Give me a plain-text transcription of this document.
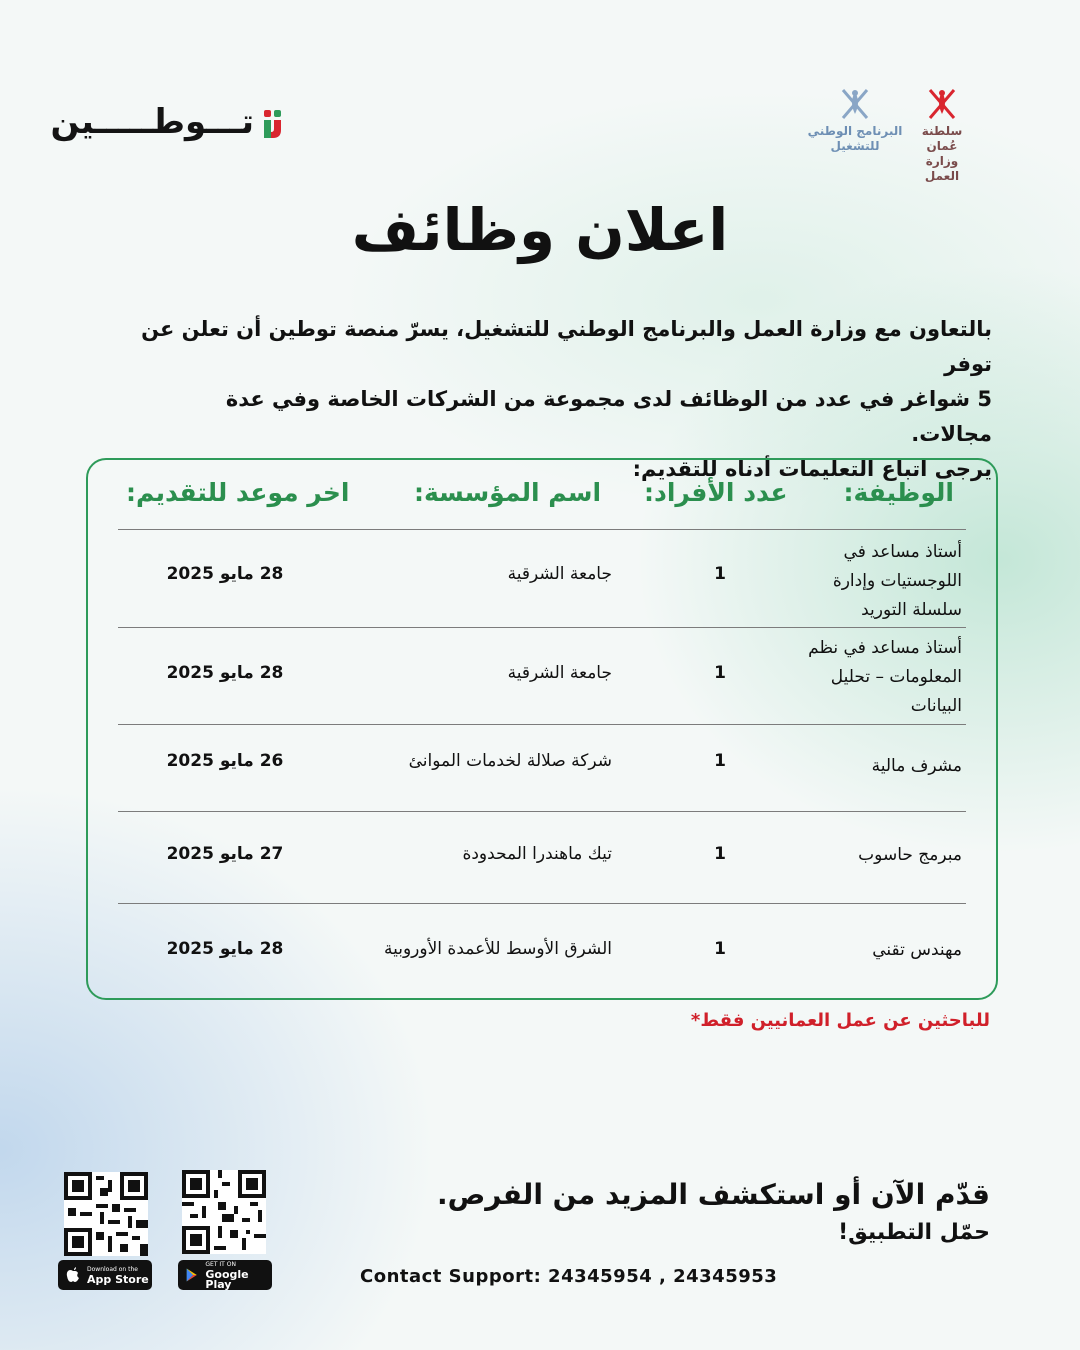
تـــوطـــــين	البرنامج الوطني
للتشغيل
سلطنة عُمان
وزارة العمل
اعلان وظائف
بالتعاون مع وزارة العمل والبرنامج الوطني للتشغيل، يسرّ منصة توطين أن تعلن عن توفر
5 شواغر في عدد من الوظائف لدى مجموعة من الشركات الخاصة وفي عدة مجالات.
يرجى اتباع التعليمات أدناه للتقديم:
الوظيفة:
عدد الأفراد:
اسم المؤسسة:
اخر موعد للتقديم:
أستاذ مساعد في
اللوجستيات وإدارة
سلسلة التوريد
1
جامعة الشرقية
28 مايو 2025
أستاذ مساعد في نظم
المعلومات – تحليل
البيانات
1
جامعة الشرقية
28 مايو 2025
مشرف مالية
1
شركة صلالة لخدمات الموانئ
26 مايو 2025
مبرمج حاسوب
1
تيك ماهندرا المحدودة
27 مايو 2025
مهندس تقني
1
الشرق الأوسط للأعمدة الأوروبية
28 مايو 2025
للباحثين عن عمل العمانيين فقط*
قدّم الآن أو استكشف المزيد من الفرص.
حمّل التطبيق!
Contact Support: 24345954 , 24345953
Download on the
App Store
GET IT ON
Google Play
